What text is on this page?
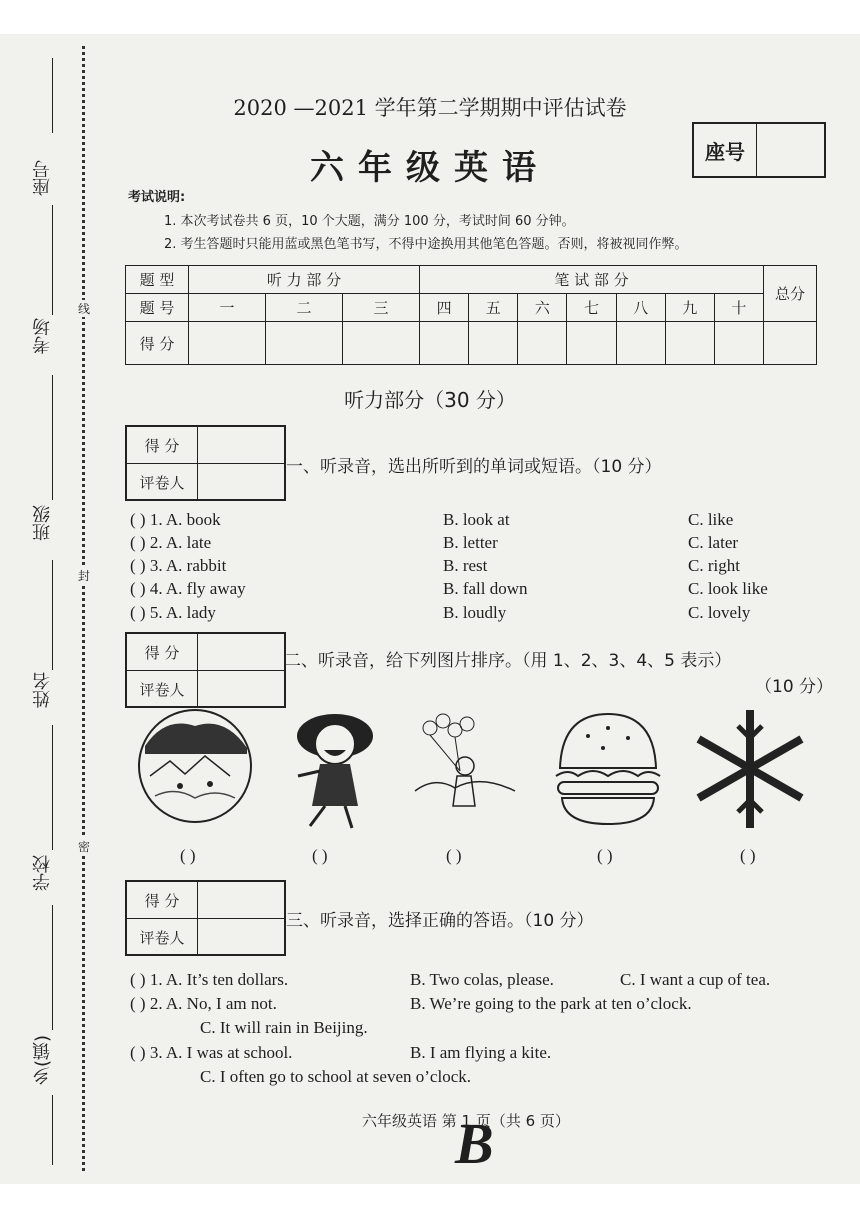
座号
考场
班级
姓名
学校
乡(镇)
线
封
密
2020 —2021 学年第二学期期中评估试卷
六年级英语	座号
考试说明:
1. 本次考试卷共 6 页，10 个大题，满分 100 分，考试时间 60 分钟。
2. 考生答题时只能用蓝或黑色笔书写，不得中途换用其他笔色答题。否则，将被视同作弊。
题 型	听 力 部 分			笔 试 部 分							总分
题 号	一	二	三	四	五	六	七	八	九	十	
得 分											
听力部分（30 分）
得 分
评卷人
一、听录音，选出所听到的单词或短语。（10 分）
( ) 1. A. book	B. look at	C. like
( ) 2. A. late	B. letter	C. later
( ) 3. A. rabbit	B. rest	C. right
( ) 4. A. fly away	B. fall down	C. look like
( ) 5. A. lady	B. loudly	C. lovely
得 分
评卷人
二、听录音，给下列图片排序。（用 1、2、3、4、5 表示）
（10 分）
( )	( )	( )	( )	( )
得 分
评卷人
三、听录音，选择正确的答语。（10 分）
( ) 1. A. It’s ten dollars.	B. Two colas, please.	C. I want a cup of tea.
( ) 2. A. No, I am not.	B. We’re going to the park at ten o’clock.
C. It will rain in Beijing.
( ) 3. A. I was at school.	B. I am flying a kite.
C. I often go to school at seven o’clock.
六年级英语 第 1 页（共 6 页）
B
